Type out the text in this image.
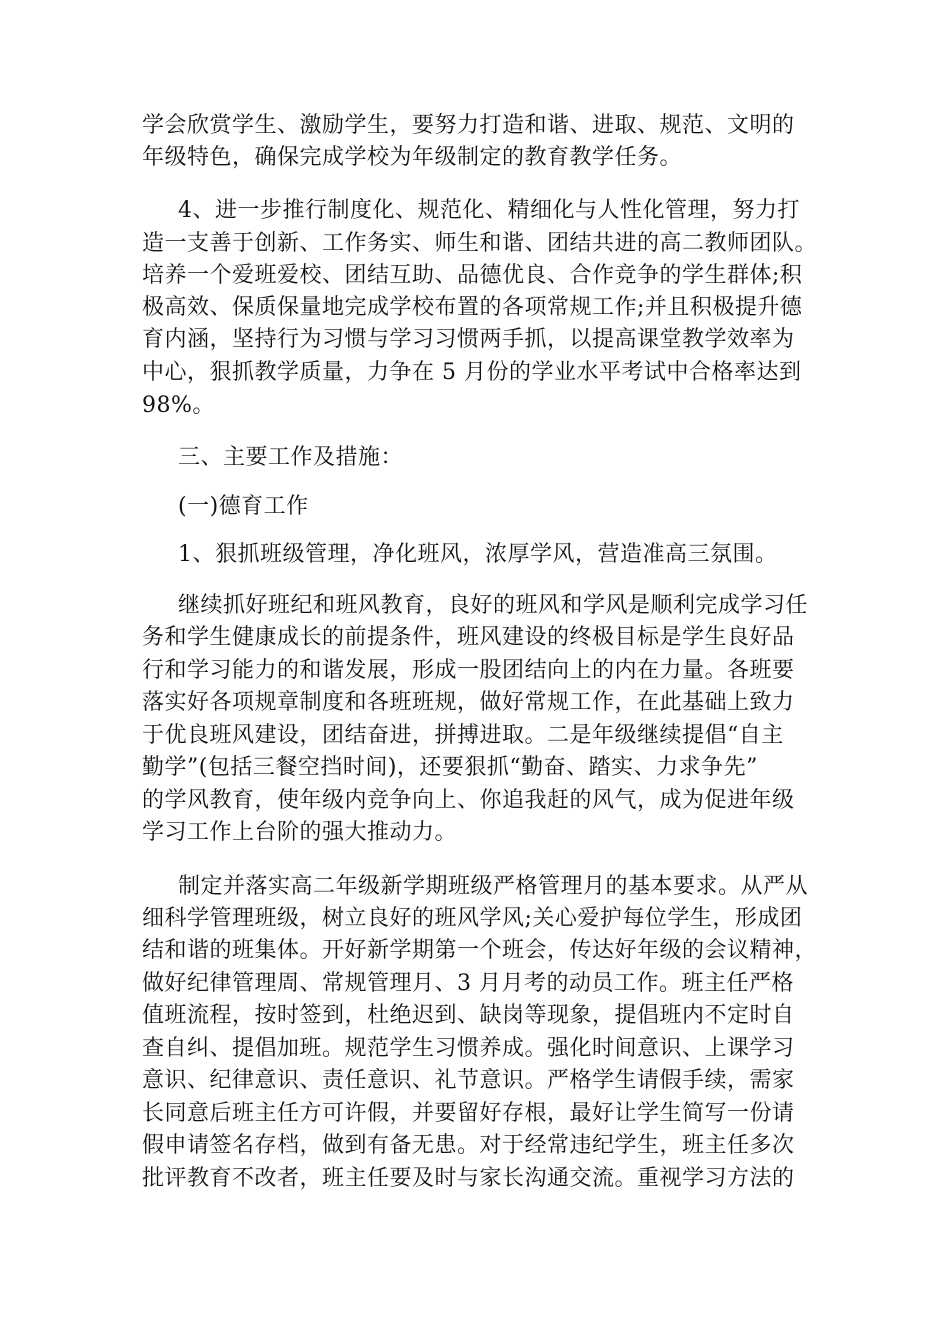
学会欣赏学生、激励学生，要努力打造和谐、进取、规范、文明的
年级特色，确保完成学校为年级制定的教育教学任务。
4、进一步推行制度化、规范化、精细化与人性化管理，努力打
造一支善于创新、工作务实、师生和谐、团结共进的高二教师团队。
培养一个爱班爱校、团结互助、品德优良、合作竞争的学生群体;积
极高效、保质保量地完成学校布置的各项常规工作;并且积极提升德
育内涵，坚持行为习惯与学习习惯两手抓，以提高课堂教学效率为
中心，狠抓教学质量，力争在 5 月份的学业水平考试中合格率达到
98%。
三、主要工作及措施：
(一)德育工作
1、狠抓班级管理，净化班风，浓厚学风，营造准高三氛围。
继续抓好班纪和班风教育，良好的班风和学风是顺利完成学习任
务和学生健康成长的前提条件，班风建设的终极目标是学生良好品
行和学习能力的和谐发展，形成一股团结向上的内在力量。各班要
落实好各项规章制度和各班班规，做好常规工作，在此基础上致力
于优良班风建设，团结奋进，拼搏进取。二是年级继续提倡“自主
勤学”(包括三餐空挡时间)，还要狠抓“勤奋、踏实、力求争先”
的学风教育，使年级内竞争向上、你追我赶的风气，成为促进年级
学习工作上台阶的强大推动力。
制定并落实高二年级新学期班级严格管理月的基本要求。从严从
细科学管理班级，树立良好的班风学风;关心爱护每位学生，形成团
结和谐的班集体。开好新学期第一个班会，传达好年级的会议精神，
做好纪律管理周、常规管理月、3 月月考的动员工作。班主任严格
值班流程，按时签到，杜绝迟到、缺岗等现象，提倡班内不定时自
查自纠、提倡加班。规范学生习惯养成。强化时间意识、上课学习
意识、纪律意识、责任意识、礼节意识。严格学生请假手续，需家
长同意后班主任方可许假，并要留好存根，最好让学生简写一份请
假申请签名存档，做到有备无患。对于经常违纪学生，班主任多次
批评教育不改者，班主任要及时与家长沟通交流。重视学习方法的
